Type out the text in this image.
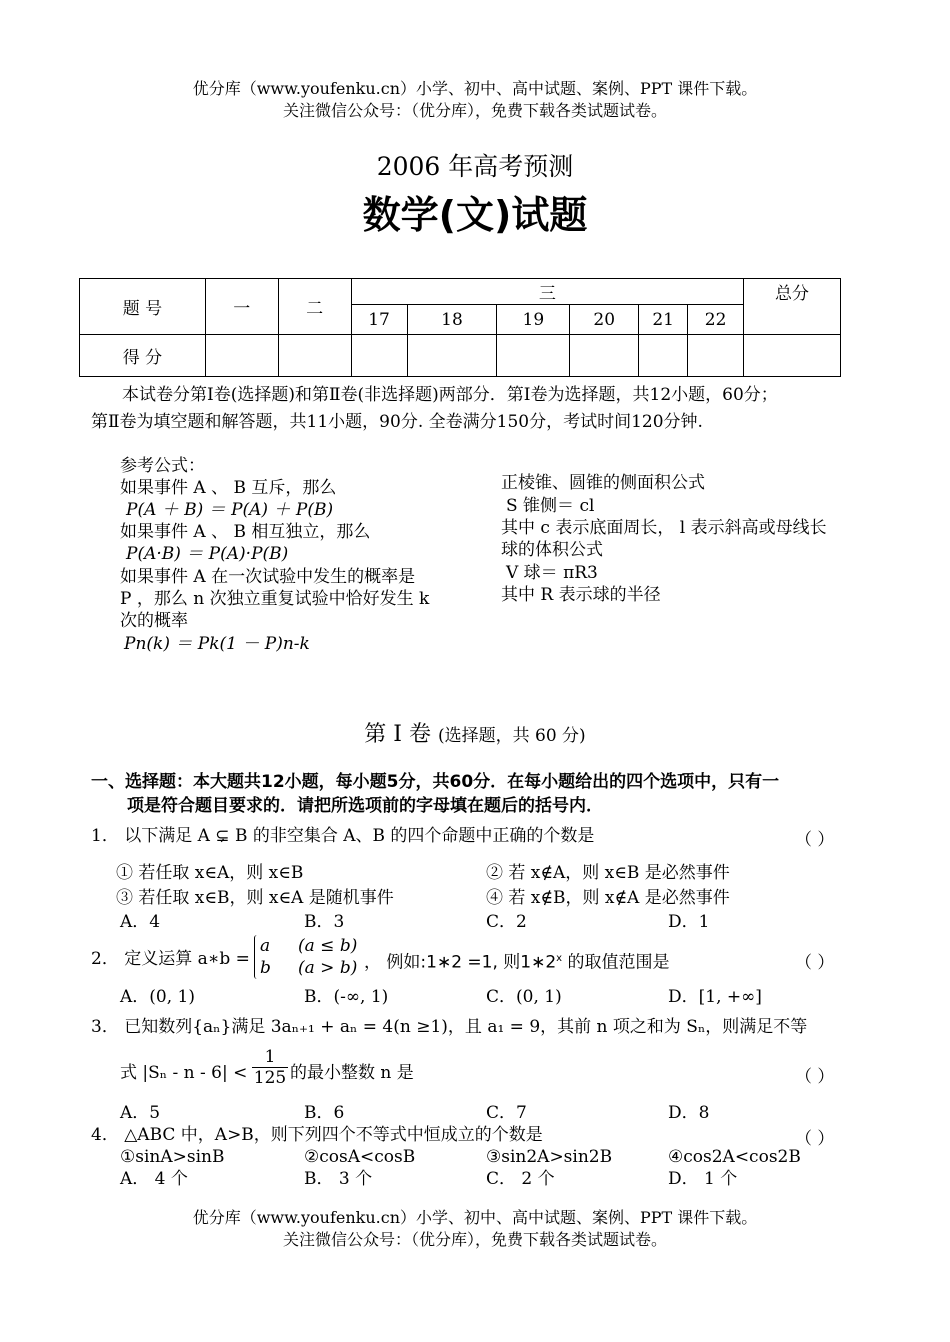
优分库（www.youfenku.cn）小学、初中、高中试题、案例、PPT 课件下载。
关注微信公众号：（优分库），免费下载各类试题试卷。
2006 年高考预测
数学(文)试题
题 号	一	二	三						总分
			17	18	19	20	21	22	
得 分									
本试卷分第Ⅰ卷(选择题)和第Ⅱ卷(非选择题)两部分．第Ⅰ卷为选择题，共12小题，60分；
第Ⅱ卷为填空题和解答题，共11小题，90分. 全卷满分150分，考试时间120分钟.
参考公式：
如果事件 A 、 B 互斥，那么
P(A ＋ B) ＝ P(A) ＋ P(B)
如果事件 A 、 B 相互独立，那么
P(A·B) ＝ P(A)·P(B)
如果事件 A 在一次试验中发生的概率是
P ，那么 n 次独立重复试验中恰好发生 k
次的概率
Pn(k) ＝ Pk(1 － P)n-k
正棱锥、圆锥的侧面积公式
S 锥侧＝ cl
其中 c 表示底面周长， l 表示斜高或母线长
球的体积公式
V 球＝ πR3
其中 R 表示球的半径
第 Ⅰ 卷 (选择题，共 60 分)
一、选择题：本大题共12小题，每小题5分，共60分．在每小题给出的四个选项中，只有一
项是符合题目要求的．请把所选项前的字母填在题后的括号内．
1． 以下满足 A ⊊ B 的非空集合 A、B 的四个命题中正确的个数是	（ ）
① 若任取 x∈A，则 x∈B	② 若 x∉A，则 x∈B 是必然事件
③ 若任取 x∈B，则 x∈A 是随机事件	④ 若 x∉B，则 x∉A 是必然事件
A．4	B．3	C．2	D．1
2． 定义运算 a∗b =
a (a ≤ b)
b (a > b) ， 例如:1∗2 =1, 则1∗2$^x$ 的取值范围是	（ ）
A．(0, 1)	B．(-∞, 1)	C．(0, 1)	D．[1, +∞]
3． 已知数列{aₙ}满足 3aₙ₊₁ + aₙ = 4(n ≥1)，且 a₁ = 9，其前 n 项之和为 Sₙ，则满足不等
式 $|S_n - n - 6| < \frac{1}{125}$ 的最小整数 n 是	（ ）
A．5	B．6	C．7	D．8
4． △ABC 中，A>B，则下列四个不等式中恒成立的个数是	（ ）
①sinA>sinB	②cosA<cosB	③sin2A>sin2B	④cos2A<cos2B
A． 4 个	B． 3 个	C． 2 个	D． 1 个
优分库（www.youfenku.cn）小学、初中、高中试题、案例、PPT 课件下载。
关注微信公众号：（优分库），免费下载各类试题试卷。
